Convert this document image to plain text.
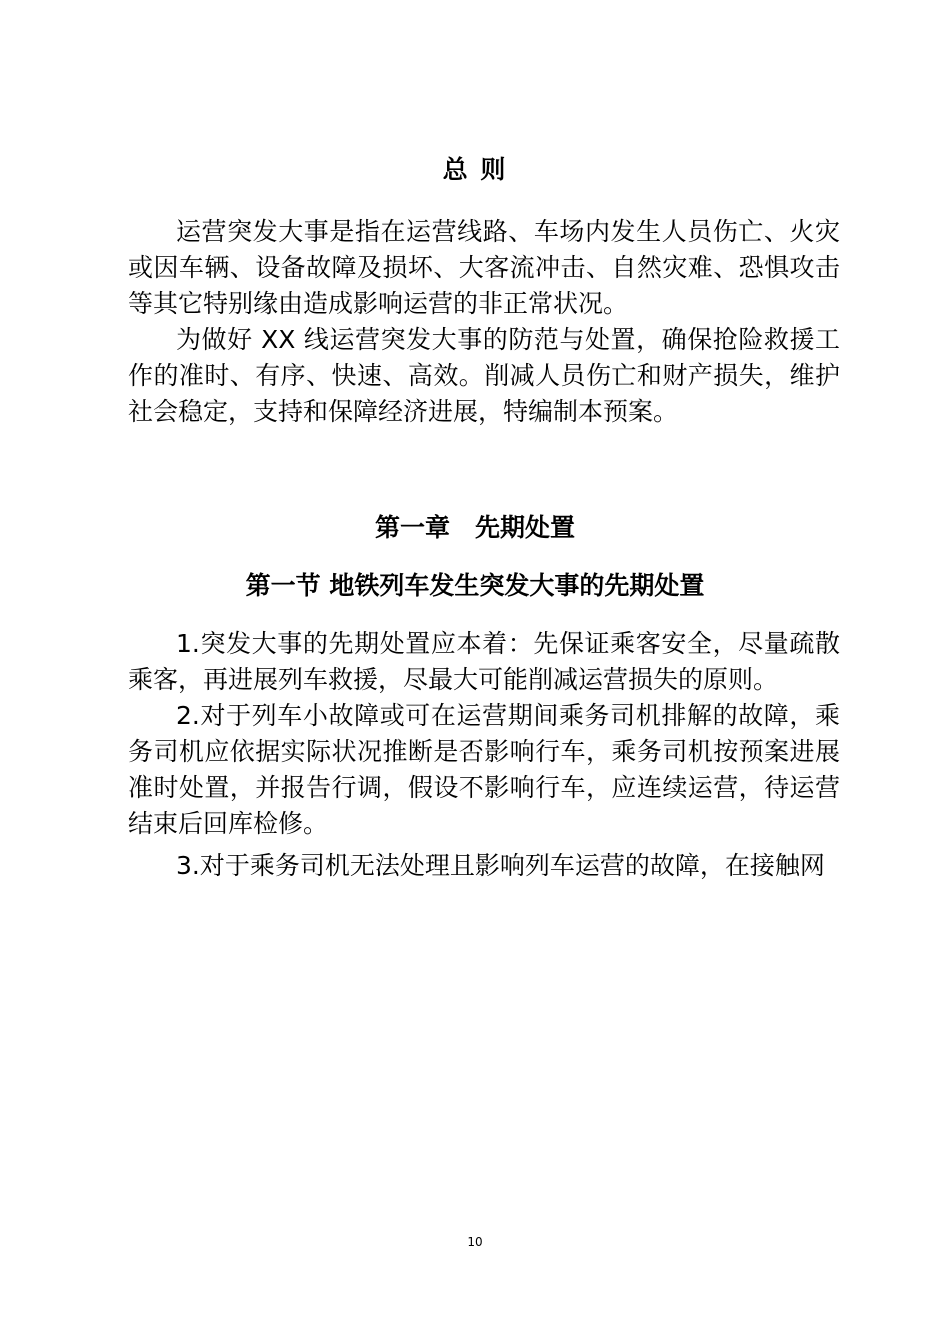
总 则

运营突发大事是指在运营线路、车场内发生人员伤亡、火灾或因车辆、设备故障及损坏、大客流冲击、自然灾难、恐惧攻击等其它特别缘由造成影响运营的非正常状况。

为做好 XX 线运营突发大事的防范与处置，确保抢险救援工作的准时、有序、快速、高效。削减人员伤亡和财产损失，维护社会稳定，支持和保障经济进展，特编制本预案。

第一章　先期处置
第一节 地铁列车发生突发大事的先期处置

1.突发大事的先期处置应本着：先保证乘客安全，尽量疏散乘客，再进展列车救援，尽最大可能削减运营损失的原则。

2.对于列车小故障或可在运营期间乘务司机排解的故障，乘务司机应依据实际状况推断是否影响行车，乘务司机按预案进展准时处置，并报告行调，假设不影响行车，应连续运营，待运营结束后回库检修。

3.对于乘务司机无法处理且影响列车运营的故障，在接触网

10
